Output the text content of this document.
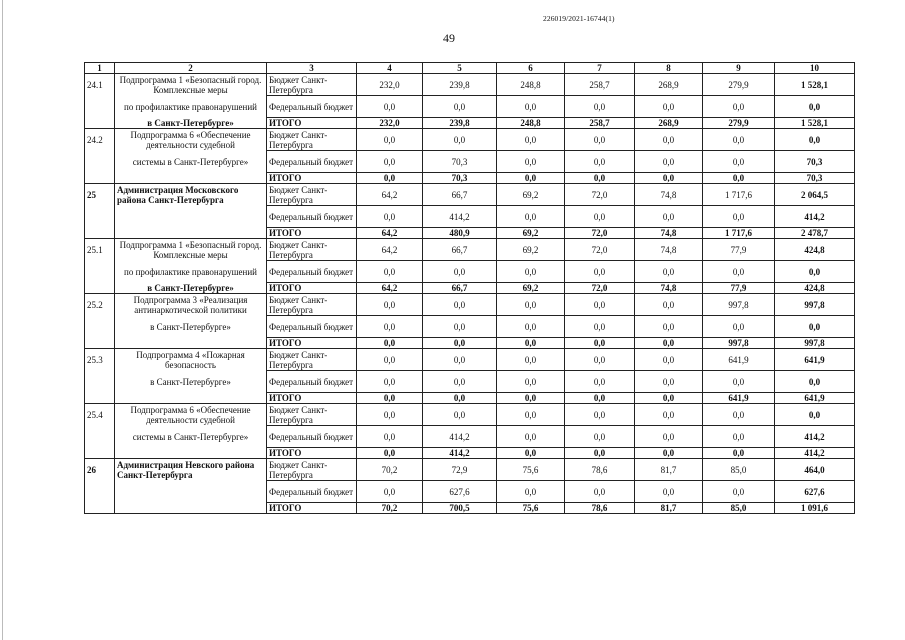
226019/2021-16744(1)
49
1	2	3	4	5	6	7	8	9	10
24.1	Подпрограмма 1 «Безопасный город. Комплексные меры	Бюджет Санкт-Петербурга	232,0	239,8	248,8	258,7	268,9	279,9	1 528,1
	по профилактике правонарушений	Федеральный бюджет	0,0	0,0	0,0	0,0	0,0	0,0	0,0
	в Санкт-Петербурге»	ИТОГО	232,0	239,8	248,8	258,7	268,9	279,9	1 528,1
24.2	Подпрограмма 6 «Обеспечение деятельности судебной	Бюджет Санкт-Петербурга	0,0	0,0	0,0	0,0	0,0	0,0	0,0
	системы в Санкт-Петербурге»	Федеральный бюджет	0,0	70,3	0,0	0,0	0,0	0,0	70,3
		ИТОГО	0,0	70,3	0,0	0,0	0,0	0,0	70,3
25	Администрация Московского района Санкт-Петербурга	Бюджет Санкт-Петербурга	64,2	66,7	69,2	72,0	74,8	1 717,6	2 064,5
		Федеральный бюджет	0,0	414,2	0,0	0,0	0,0	0,0	414,2
		ИТОГО	64,2	480,9	69,2	72,0	74,8	1 717,6	2 478,7
25.1	Подпрограмма 1 «Безопасный город. Комплексные меры	Бюджет Санкт-Петербурга	64,2	66,7	69,2	72,0	74,8	77,9	424,8
	по профилактике правонарушений	Федеральный бюджет	0,0	0,0	0,0	0,0	0,0	0,0	0,0
	в Санкт-Петербурге»	ИТОГО	64,2	66,7	69,2	72,0	74,8	77,9	424,8
25.2	Подпрограмма 3 «Реализация антинаркотической политики	Бюджет Санкт-Петербурга	0,0	0,0	0,0	0,0	0,0	997,8	997,8
	в Санкт-Петербурге»	Федеральный бюджет	0,0	0,0	0,0	0,0	0,0	0,0	0,0
		ИТОГО	0,0	0,0	0,0	0,0	0,0	997,8	997,8
25.3	Подпрограмма 4 «Пожарная безопасность	Бюджет Санкт-Петербурга	0,0	0,0	0,0	0,0	0,0	641,9	641,9
	в Санкт-Петербурге»	Федеральный бюджет	0,0	0,0	0,0	0,0	0,0	0,0	0,0
		ИТОГО	0,0	0,0	0,0	0,0	0,0	641,9	641,9
25.4	Подпрограмма 6 «Обеспечение деятельности судебной	Бюджет Санкт-Петербурга	0,0	0,0	0,0	0,0	0,0	0,0	0,0
	системы в Санкт-Петербурге»	Федеральный бюджет	0,0	414,2	0,0	0,0	0,0	0,0	414,2
		ИТОГО	0,0	414,2	0,0	0,0	0,0	0,0	414,2
26	Администрация Невского района Санкт-Петербурга	Бюджет Санкт-Петербурга	70,2	72,9	75,6	78,6	81,7	85,0	464,0
		Федеральный бюджет	0,0	627,6	0,0	0,0	0,0	0,0	627,6
		ИТОГО	70,2	700,5	75,6	78,6	81,7	85,0	1 091,6
